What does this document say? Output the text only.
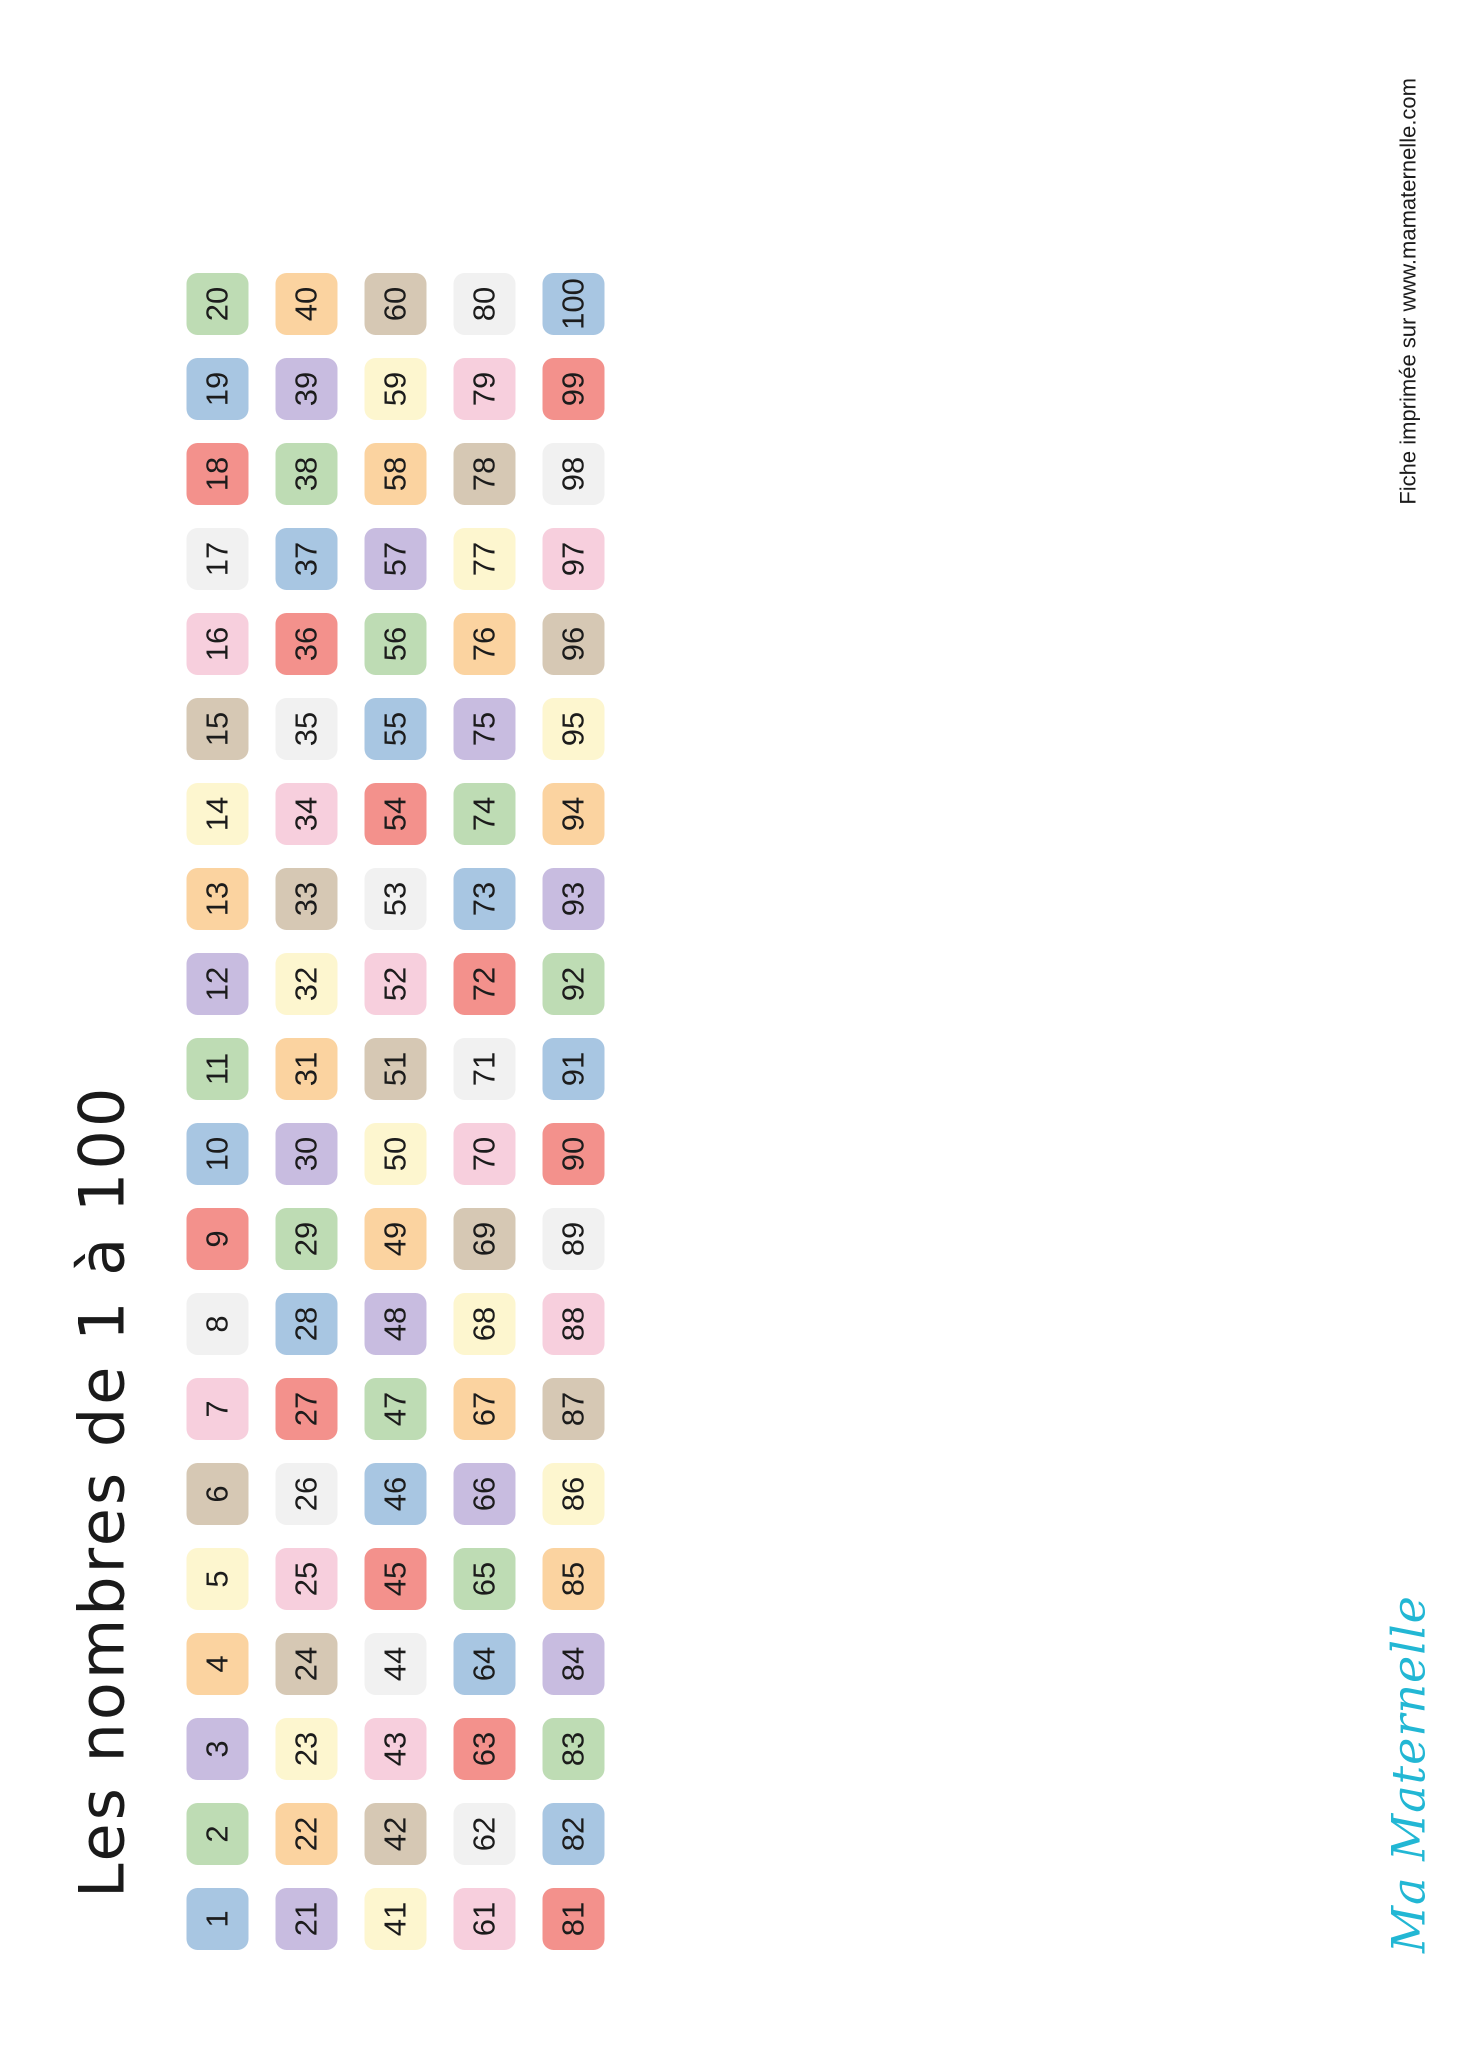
Les nombres de 1 à 100
1
2
3
4
5
6
7
8
9
10
11
12
13
14
15
16
17
18
19
20
21
22
23
24
25
26
27
28
29
30
31
32
33
34
35
36
37
38
39
40
41
42
43
44
45
46
47
48
49
50
51
52
53
54
55
56
57
58
59
60
61
62
63
64
65
66
67
68
69
70
71
72
73
74
75
76
77
78
79
80
81
82
83
84
85
86
87
88
89
90
91
92
93
94
95
96
97
98
99
100
Ma Maternelle
Fiche imprimée sur www.mamaternelle.com
